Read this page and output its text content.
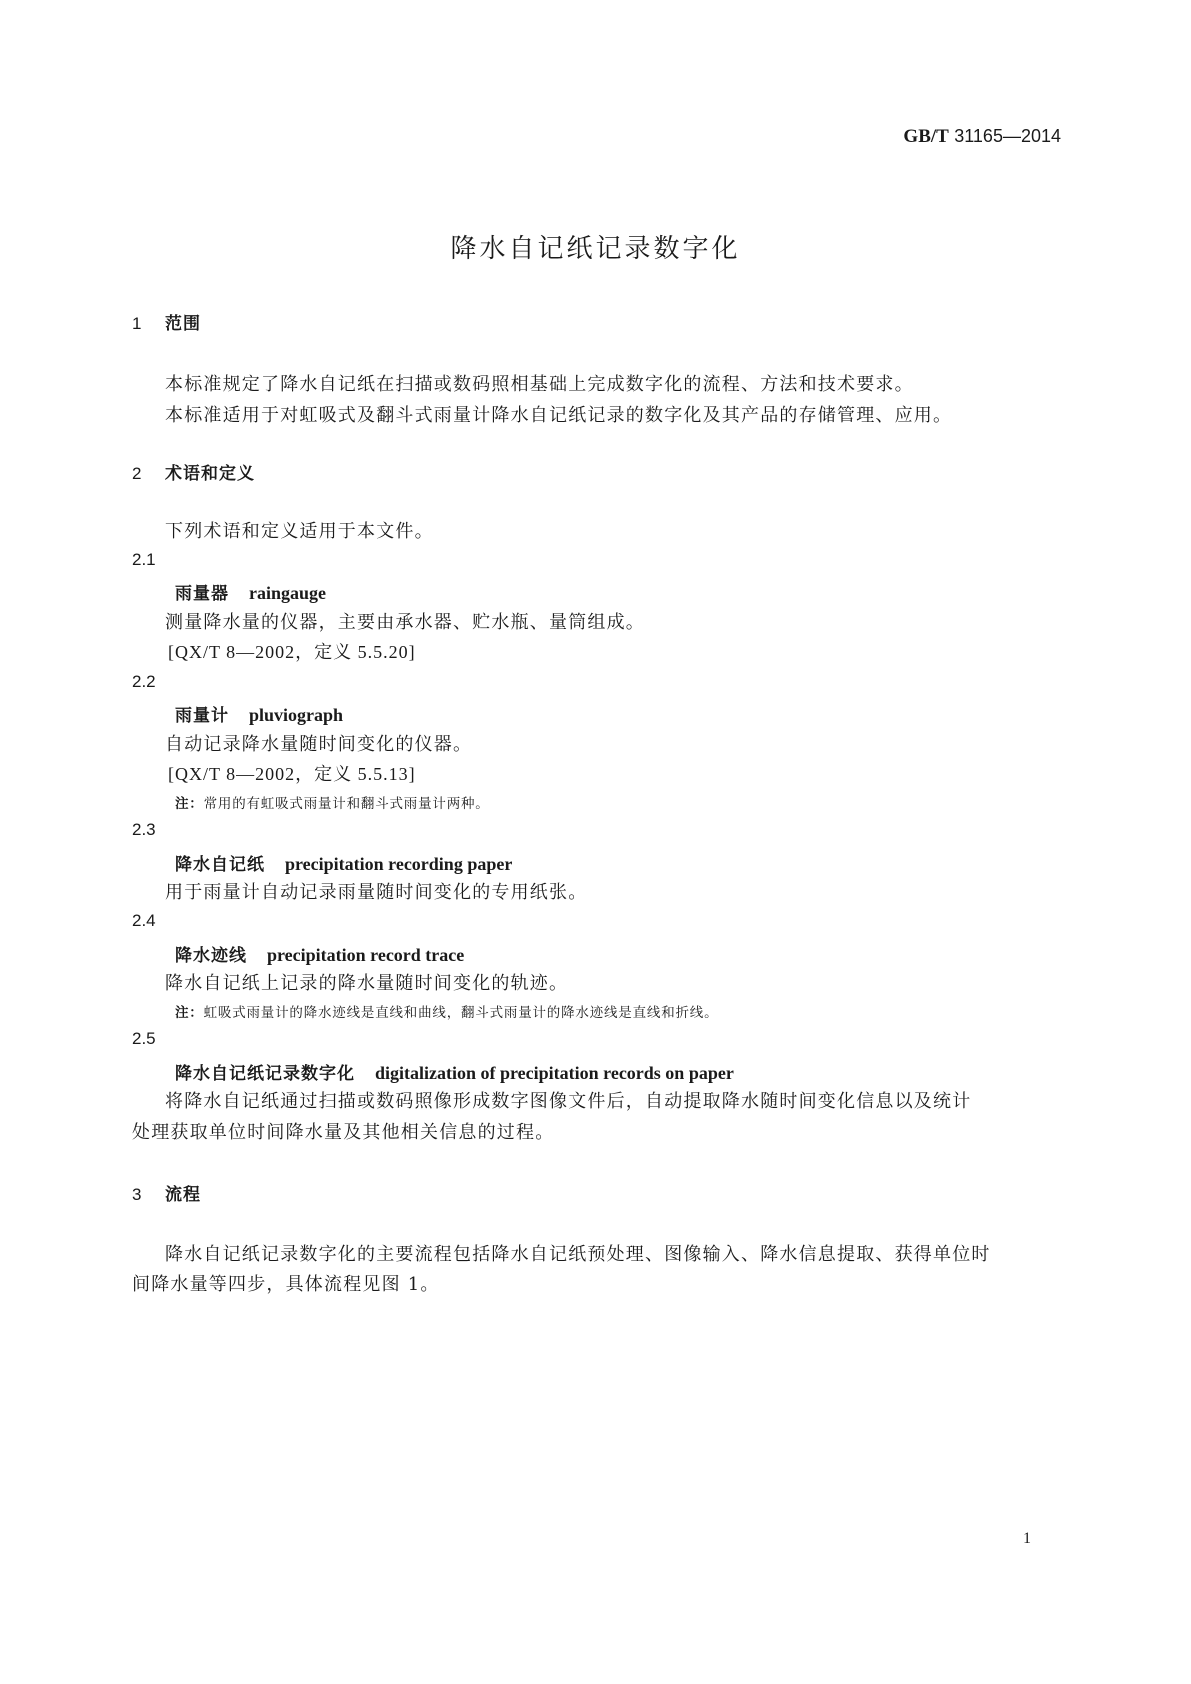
GB/T 31165—2014
降水自记纸记录数字化
1 范围
本标准规定了降水自记纸在扫描或数码照相基础上完成数字化的流程、方法和技术要求。
本标准适用于对虹吸式及翻斗式雨量计降水自记纸记录的数字化及其产品的存储管理、应用。
2 术语和定义
下列术语和定义适用于本文件。
2.1
雨量器 raingauge
测量降水量的仪器，主要由承水器、贮水瓶、量筒组成。
[QX/T 8—2002，定义 5.5.20]
2.2
雨量计 pluviograph
自动记录降水量随时间变化的仪器。
[QX/T 8—2002，定义 5.5.13]
注：常用的有虹吸式雨量计和翻斗式雨量计两种。
2.3
降水自记纸 precipitation recording paper
用于雨量计自动记录雨量随时间变化的专用纸张。
2.4
降水迹线 precipitation record trace
降水自记纸上记录的降水量随时间变化的轨迹。
注：虹吸式雨量计的降水迹线是直线和曲线，翻斗式雨量计的降水迹线是直线和折线。
2.5
降水自记纸记录数字化 digitalization of precipitation records on paper
将降水自记纸通过扫描或数码照像形成数字图像文件后，自动提取降水随时间变化信息以及统计
处理获取单位时间降水量及其他相关信息的过程。
3 流程
降水自记纸记录数字化的主要流程包括降水自记纸预处理、图像输入、降水信息提取、获得单位时
间降水量等四步，具体流程见图 1。
1
